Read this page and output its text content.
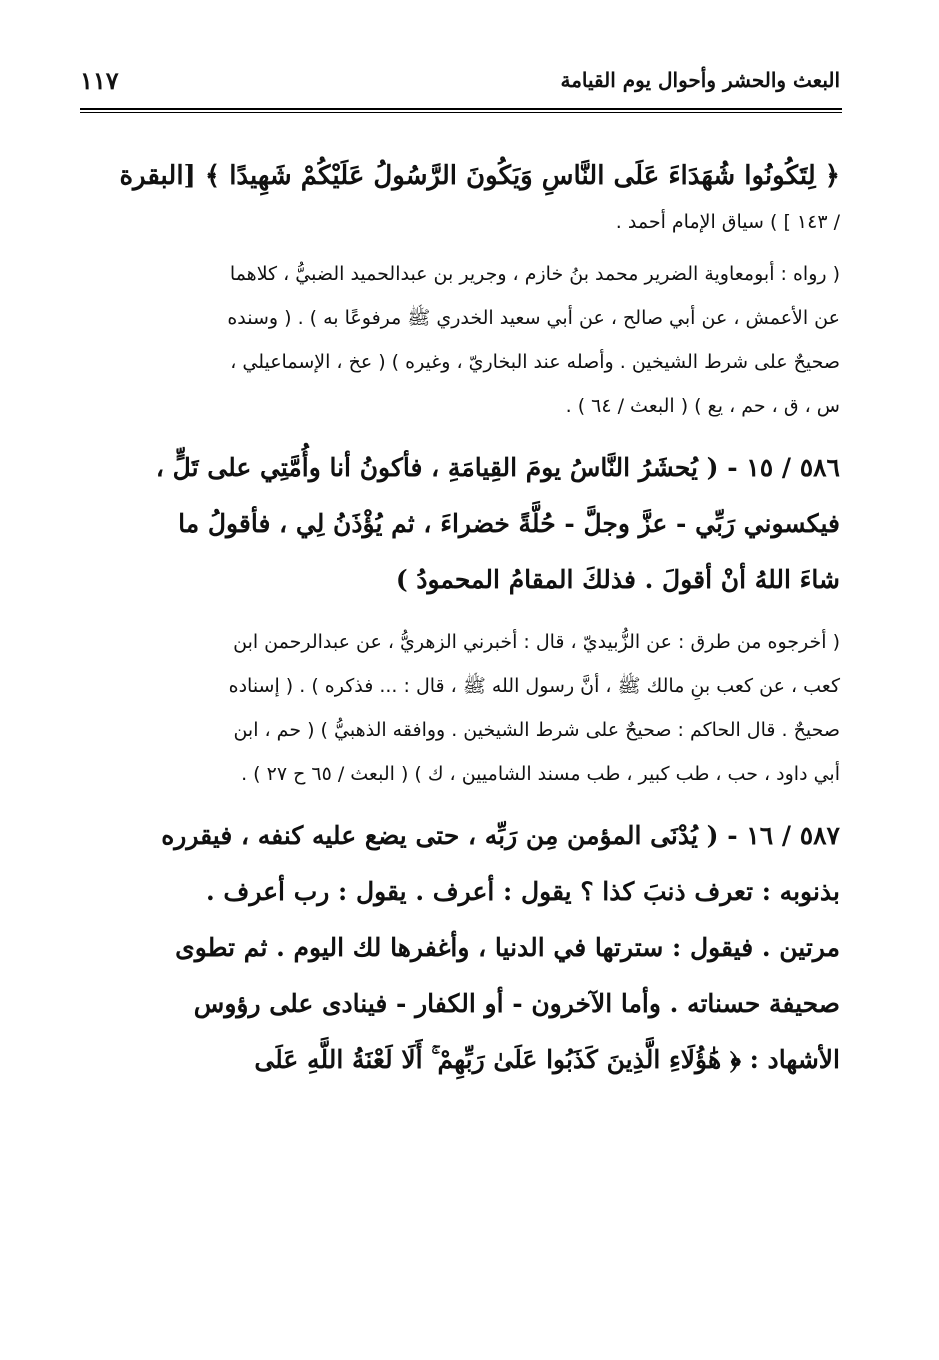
البعث والحشر وأحوال يوم القيامة
١١٧
﴿ لِتَكُونُوا شُهَدَاءَ عَلَى النَّاسِ وَيَكُونَ الرَّسُولُ عَلَيْكُمْ شَهِيدًا ﴾ [البقرة
/ ١٤٣ ] ) سياق الإمام أحمد .
( رواه : أبومعاوية الضرير محمد بنُ خازم ، وجرير بن عبدالحميد الضبيُّ ، كلاهما
عن الأعمش ، عن أبي صالح ، عن أبي سعيد الخدري ﷺ مرفوعًا به ) . ( وسنده
صحيحٌ على شرط الشيخين . وأصله عند البخاريّ ، وغيره ) ( عخ ، الإسماعيلي ،
س ، ق ، حم ، يع ) ( البعث / ٦٤ ) .
٥٨٦ / ١٥ - ( يُحشَرُ النَّاسُ يومَ القِيامَةِ ، فأكونُ أنا وأُمَّتِي على تَلٍّ ،
فيكسوني رَبِّي - عزَّ وجلَّ - حُلَّةً خضراءَ ، ثم يُؤْذَنُ لِي ، فأقولُ ما
شاءَ اللهُ أنْ أقولَ . فذلكَ المقامُ المحمودُ )
( أخرجوه من طرق : عن الزُّبيديّ ، قال : أخبرني الزهريُّ ، عن عبدالرحمن ابن
كعب ، عن كعب بنِ مالك ﷺ ، أنَّ رسول الله ﷺ ، قال : ... فذكره ) . ( إسناده
صحيحٌ . قال الحاكم : صحيحٌ على شرط الشيخين . ووافقه الذهبيُّ ) ( حم ، ابن
أبي داود ، حب ، طب كبير ، طب مسند الشاميين ، ك ) ( البعث / ٦٥ ح ٢٧ ) .
٥٨٧ / ١٦ - ( يُدْنَى المؤمن مِن رَبِّه ، حتى يضع عليه كنفه ، فيقرره
بذنوبه : تعرف ذنبَ كذا ؟ يقول : أعرف . يقول : رب أعرف .
مرتين . فيقول : سترتها في الدنيا ، وأغفرها لك اليوم . ثم تطوى
صحيفة حسناته . وأما الآخرون - أو الكفار - فينادى على رؤوس
الأشهاد : ﴿ هَٰؤُلَاءِ الَّذِينَ كَذَبُوا عَلَىٰ رَبِّهِمْ ۚ أَلَا لَعْنَةُ اللَّهِ عَلَى
